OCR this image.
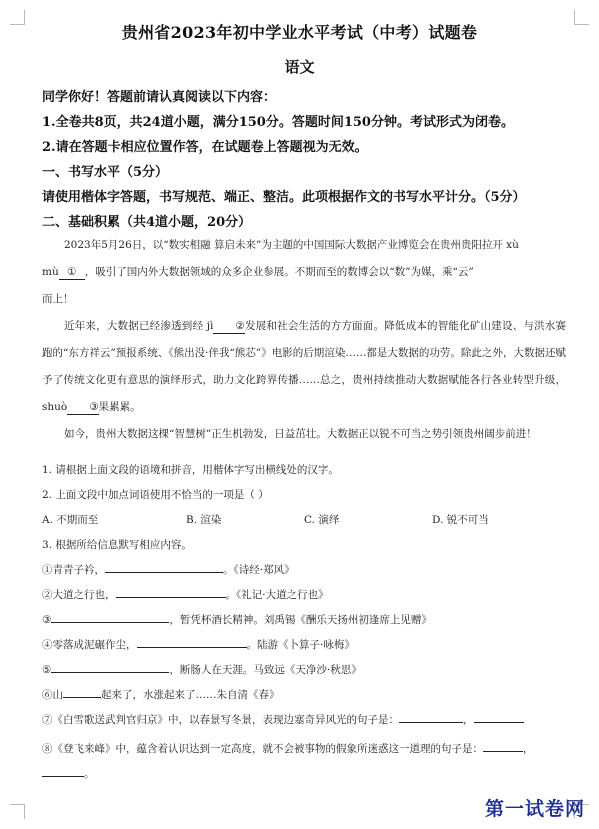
贵州省2023年初中学业水平考试（中考）试题卷
语文
同学你好！答题前请认真阅读以下内容：
1.全卷共8页，共24道小题，满分150分。答题时间150分钟。考试形式为闭卷。
2.请在答题卡相应位置作答，在试题卷上答题视为无效。
一、书写水平（5分）
请使用楷体字答题，书写规范、端正、整洁。此项根据作文的书写水平计分。（5分）
二、基础积累（共4道小题，20分）

2023年5月26日，以“数实相融 算启未来”为主题的中国国际大数据产业博览会在贵州贵阳拉开 xù

mù ① ，吸引了国内外大数据领域的众多企业参展。不期而至的数博会以“数”为媒，乘“云”

而上！

近年来，大数据已经渗透到经 jì ②发展和社会生活的方方面面。降低成本的智能化矿山建设、与洪水赛跑的“东方祥云”预报系统、《熊出没·伴我“熊芯”》电影的后期渲染……都是大数据的功劳。除此之外，大数据还赋予了传统文化更有意思的演绎形式，助力文化跨界传播……总之，贵州持续推动大数据赋能各行各业转型升级，shuò ③果累累。

如今，贵州大数据这棵“智慧树”正生机勃发，日益茁壮。大数据正以锐不可当之势引领贵州阔步前进！

1. 请根据上面文段的语境和拼音，用楷体字写出横线处的汉字。
2. 上面文段中加点词语使用不恰当的一项是（ ）
A. 不期而至	B. 渲染	C. 演绎	D. 锐不可当
3. 根据所给信息默写相应内容。
①青青子衿，	。《诗经·郑风》
②大道之行也，	。《礼记·大道之行也》
③	，暂凭杯酒长精神。刘禹锡《酬乐天扬州初逢席上见赠》
④零落成泥碾作尘，	。陆游《卜算子·咏梅》
⑤	，断肠人在天涯。马致远《天净沙·秋思》
⑥山	起来了，水涨起来了……朱自清《春》
⑦《白雪歌送武判官归京》中，以春景写冬景，表现边塞奇异风光的句子是：	，
⑧《登飞来峰》中，蕴含着认识达到一定高度，就不会被事物的假象所迷惑这一道理的句子是：	，
。
第一试卷网
